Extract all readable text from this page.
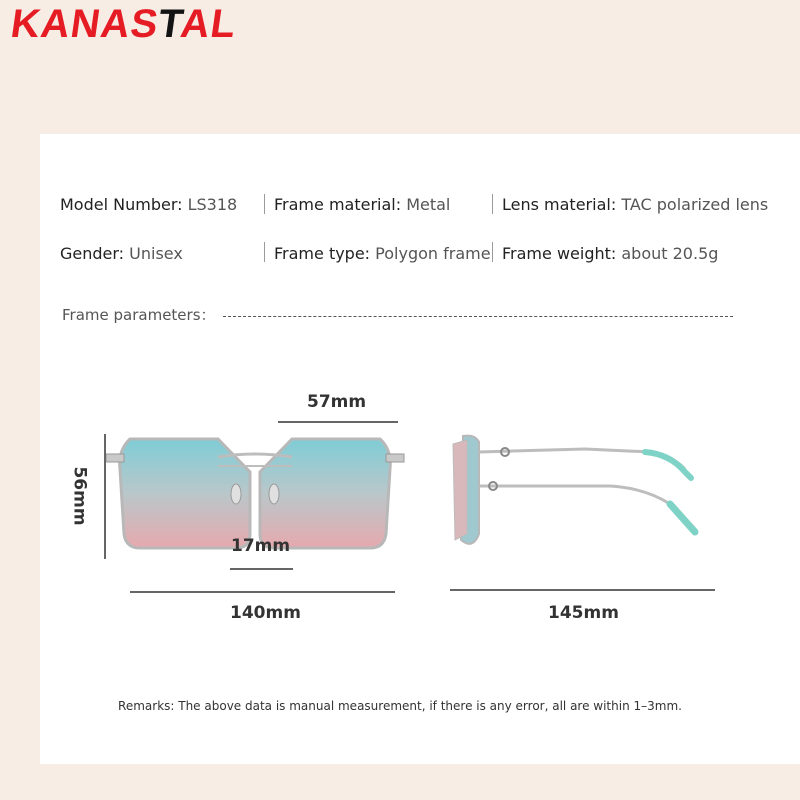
KANASTAL
Model Number: LS318 Frame material: Metal	Lens material: TAC polarized lens
Gender: Unisex	Frame type: Polygon frame Frame weight: about 20.5g
Frame parameters：
57mm
56mm
17mm
140mm	145mm
Remarks: The above data is manual measurement, if there is any error, all are within 1–3mm.
